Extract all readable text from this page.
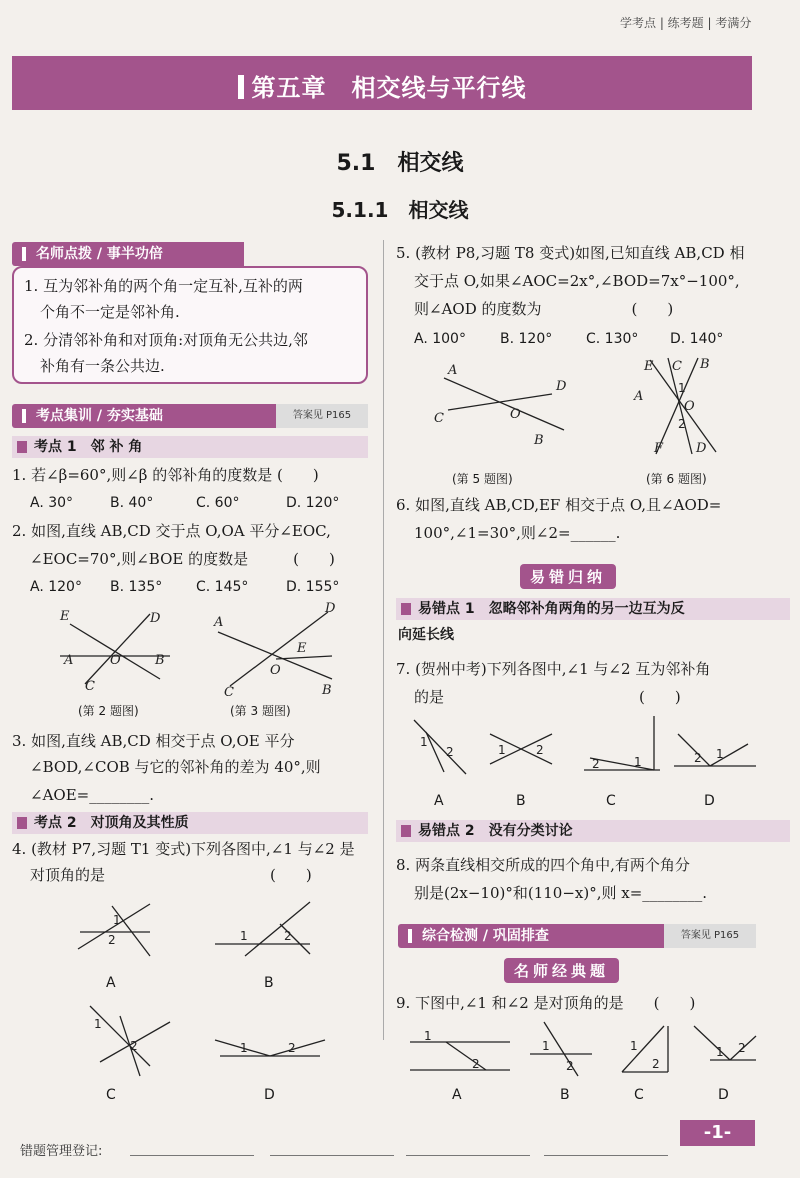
学考点 | 练考题 | 考满分
第五章　相交线与平行线
5.1　相交线
5.1.1　相交线
名师点拨 / 事半功倍
1. 互为邻补角的两个角一定互补,互补的两
个角不一定是邻补角.
2. 分清邻补角和对顶角:对顶角无公共边,邻
补角有一条公共边.
考点集训 / 夯实基础	答案见 P165
考点 1　邻 补 角
1. 若∠β=60°,则∠β 的邻补角的度数是 (　　)
A. 30°	B. 40°	C. 60°	D. 120°
2. 如图,直线 AB,CD 交于点 O,OA 平分∠EOC,
∠EOC=70°,则∠BOE 的度数是　　　(　　)
A. 120° B. 135° C. 145°	D. 155°
E	D
A	O	B
C
(第 2 题图)
A
D
E
O
B
C
(第 3 题图)
3. 如图,直线 AB,CD 相交于点 O,OE 平分
∠BOD,∠COB 与它的邻补角的差为 40°,则
∠AOE=________.
考点 2　对顶角及其性质
4. (教材 P7,习题 T1 变式)下列各图中,∠1 与∠2 是
对顶角的是　　　　　　　　　　　(　　)
1
2
A
1	2
B
1
2
C
1	2
D
5. (教材 P8,习题 T8 变式)如图,已知直线 AB,CD 相
交于点 O,如果∠AOC=2x°,∠BOD=7x°−100°,
则∠AOD 的度数为　　　　　　(　　)
A. 100° B. 120° C. 130° D. 140°
A
D
C	O
B
(第 5 题图)
E C B
1
O
2
A
F	D
(第 6 题图)
6. 如图,直线 AB,CD,EF 相交于点 O,且∠AOD=
100°,∠1=30°,则∠2=______.
易错归纳
易错点 1　忽略邻补角两角的另一边互为反
向延长线
7. (贺州中考)下列各图中,∠1 与∠2 互为邻补角
的是　　　　　　　　　　　　　(　　)
1
2
A
1	2
B
2	1
C
2 1
D
易错点 2　没有分类讨论
8. 两条直线相交所成的四个角中,有两个角分
别是(2x−10)°和(110−x)°,则 x=________.
综合检测 / 巩固排查	答案见 P165
名师经典题
9. 下图中,∠1 和∠2 是对顶角的是　　(　　)
1
2
A
1
2
B
1
2
C
1 2
D
错题管理登记:
-1-
